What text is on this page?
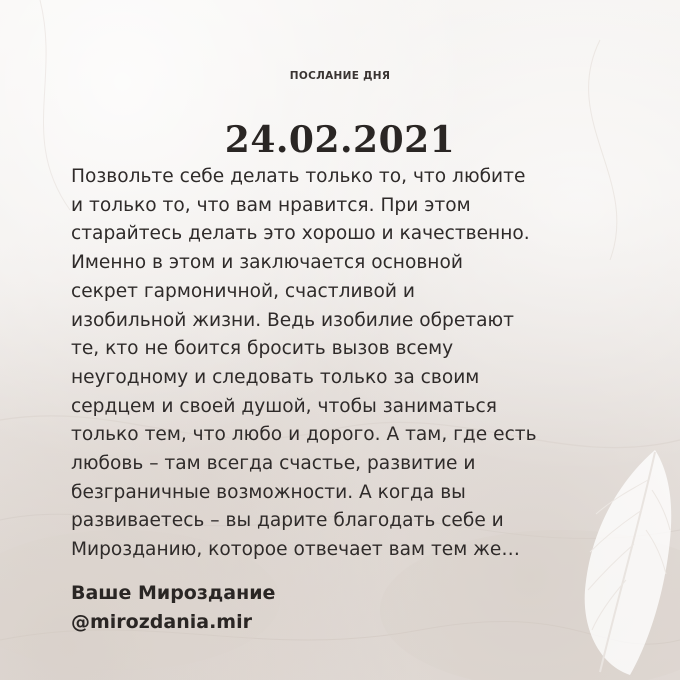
ПОСЛАНИЕ ДНЯ
24.02.2021

Позвольте себе делать только то, что любите
и только то, что вам нравится. При этом
старайтесь делать это хорошо и качественно.
Именно в этом и заключается основной
секрет гармоничной, счастливой и
изобильной жизни. Ведь изобилие обретают
те, кто не боится бросить вызов всему
неугодному и следовать только за своим
сердцем и своей душой, чтобы заниматься
только тем, что любо и дорого. А там, где есть
любовь – там всегда счастье, развитие и
безграничные возможности. А когда вы
развиваетесь – вы дарите благодать себе и
Мирозданию, которое отвечает вам тем же…

Ваше Мироздание
@mirozdania.mir
